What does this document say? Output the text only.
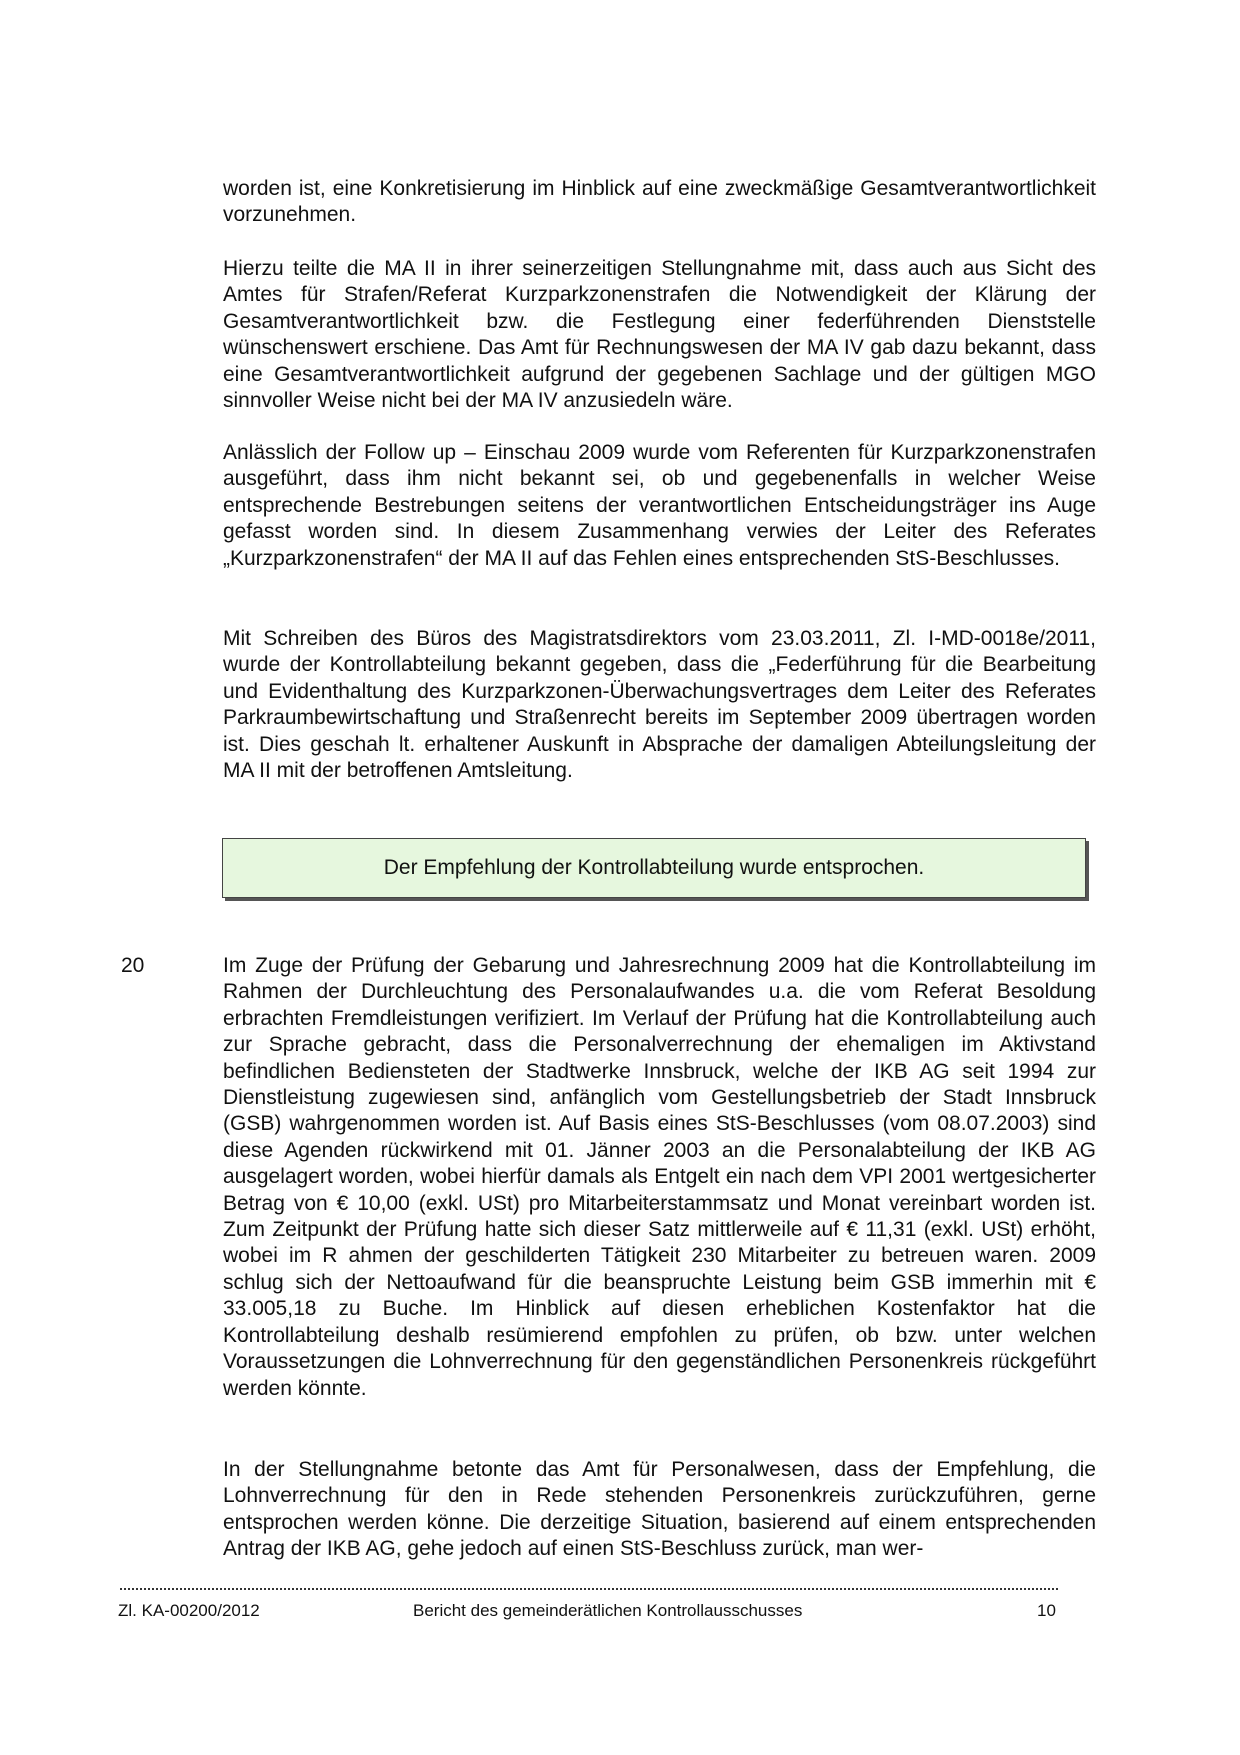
worden ist, eine Konkretisierung im Hinblick auf eine zweckmäßige Gesamtverantwortlichkeit vorzunehmen.

Hierzu teilte die MA II in ihrer seinerzeitigen Stellungnahme mit, dass auch aus Sicht des Amtes für Strafen/Referat Kurzparkzonenstrafen die Notwendigkeit der Klärung der Gesamtverantwortlichkeit bzw. die Festlegung einer federführenden Dienststelle wünschenswert erschiene. Das Amt für Rechnungswesen der MA IV gab dazu bekannt, dass eine Gesamtverantwortlichkeit aufgrund der gegebenen Sachlage und der gültigen MGO sinnvoller Weise nicht bei der MA IV anzusiedeln wäre.

Anlässlich der Follow up – Einschau 2009 wurde vom Referenten für Kurzparkzonenstrafen ausgeführt, dass ihm nicht bekannt sei, ob und gegebenenfalls in welcher Weise entsprechende Bestrebungen seitens der verantwortlichen Entscheidungsträger ins Auge gefasst worden sind. In diesem Zusammenhang verwies der Leiter des Referates „Kurzparkzonenstrafen“ der MA II auf das Fehlen eines entsprechenden StS-Beschlusses.

Mit Schreiben des Büros des Magistratsdirektors vom 23.03.2011, Zl. I-MD-0018e/2011, wurde der Kontrollabteilung bekannt gegeben, dass die „Federführung für die Bearbeitung und Evidenthaltung des Kurzparkzonen-Überwachungsvertrages dem Leiter des Referates Parkraumbewirtschaftung und Straßenrecht bereits im September 2009 übertragen worden ist. Dies geschah lt. erhaltener Auskunft in Absprache der damaligen Abteilungsleitung der MA II mit der betroffenen Amtsleitung.

Der Empfehlung der Kontrollabteilung wurde entsprochen.
20	Im Zuge der Prüfung der Gebarung und Jahresrechnung 2009 hat die Kontrollabteilung im Rahmen der Durchleuchtung des Personalaufwandes u.a. die vom Referat Besoldung erbrachten Fremdleistungen verifiziert. Im Verlauf der Prüfung hat die Kontrollabteilung auch zur Sprache gebracht, dass die Personalverrechnung der ehemaligen im Aktivstand befindlichen Bediensteten der Stadtwerke Innsbruck, welche der IKB AG seit 1994 zur Dienstleistung zugewiesen sind, anfänglich vom Gestellungsbetrieb der Stadt Innsbruck (GSB) wahrgenommen worden ist. Auf Basis eines StS-Beschlusses (vom 08.07.2003) sind diese Agenden rückwirkend mit 01. Jänner 2003 an die Personalabteilung der IKB AG ausgelagert worden, wobei hierfür damals als Entgelt ein nach dem VPI 2001 wertgesicherter Betrag von € 10,00 (exkl. USt) pro Mitarbeiterstammsatz und Monat vereinbart worden ist. Zum Zeitpunkt der Prüfung hatte sich dieser Satz mittlerweile auf € 11,31 (exkl. USt) erhöht, wobei im R ahmen der geschilderten Tätigkeit 230 Mitarbeiter zu betreuen waren. 2009 schlug sich der Nettoaufwand für die beanspruchte Leistung beim GSB immerhin mit € 33.005,18 zu Buche. Im Hinblick auf diesen erheblichen Kostenfaktor hat die Kontrollabteilung deshalb resümierend empfohlen zu prüfen, ob bzw. unter welchen Voraussetzungen die Lohnverrechnung für den gegenständlichen Personenkreis rückgeführt werden könnte.

In der Stellungnahme betonte das Amt für Personalwesen, dass der Empfehlung, die Lohnverrechnung für den in Rede stehenden Personenkreis zurückzuführen, gerne entsprochen werden könne. Die derzeitige Situation, basierend auf einem entsprechenden Antrag der IKB AG, gehe jedoch auf einen StS-Beschluss zurück, man wer-

Zl. KA-00200/2012	Bericht des gemeinderätlichen Kontrollausschusses	10
